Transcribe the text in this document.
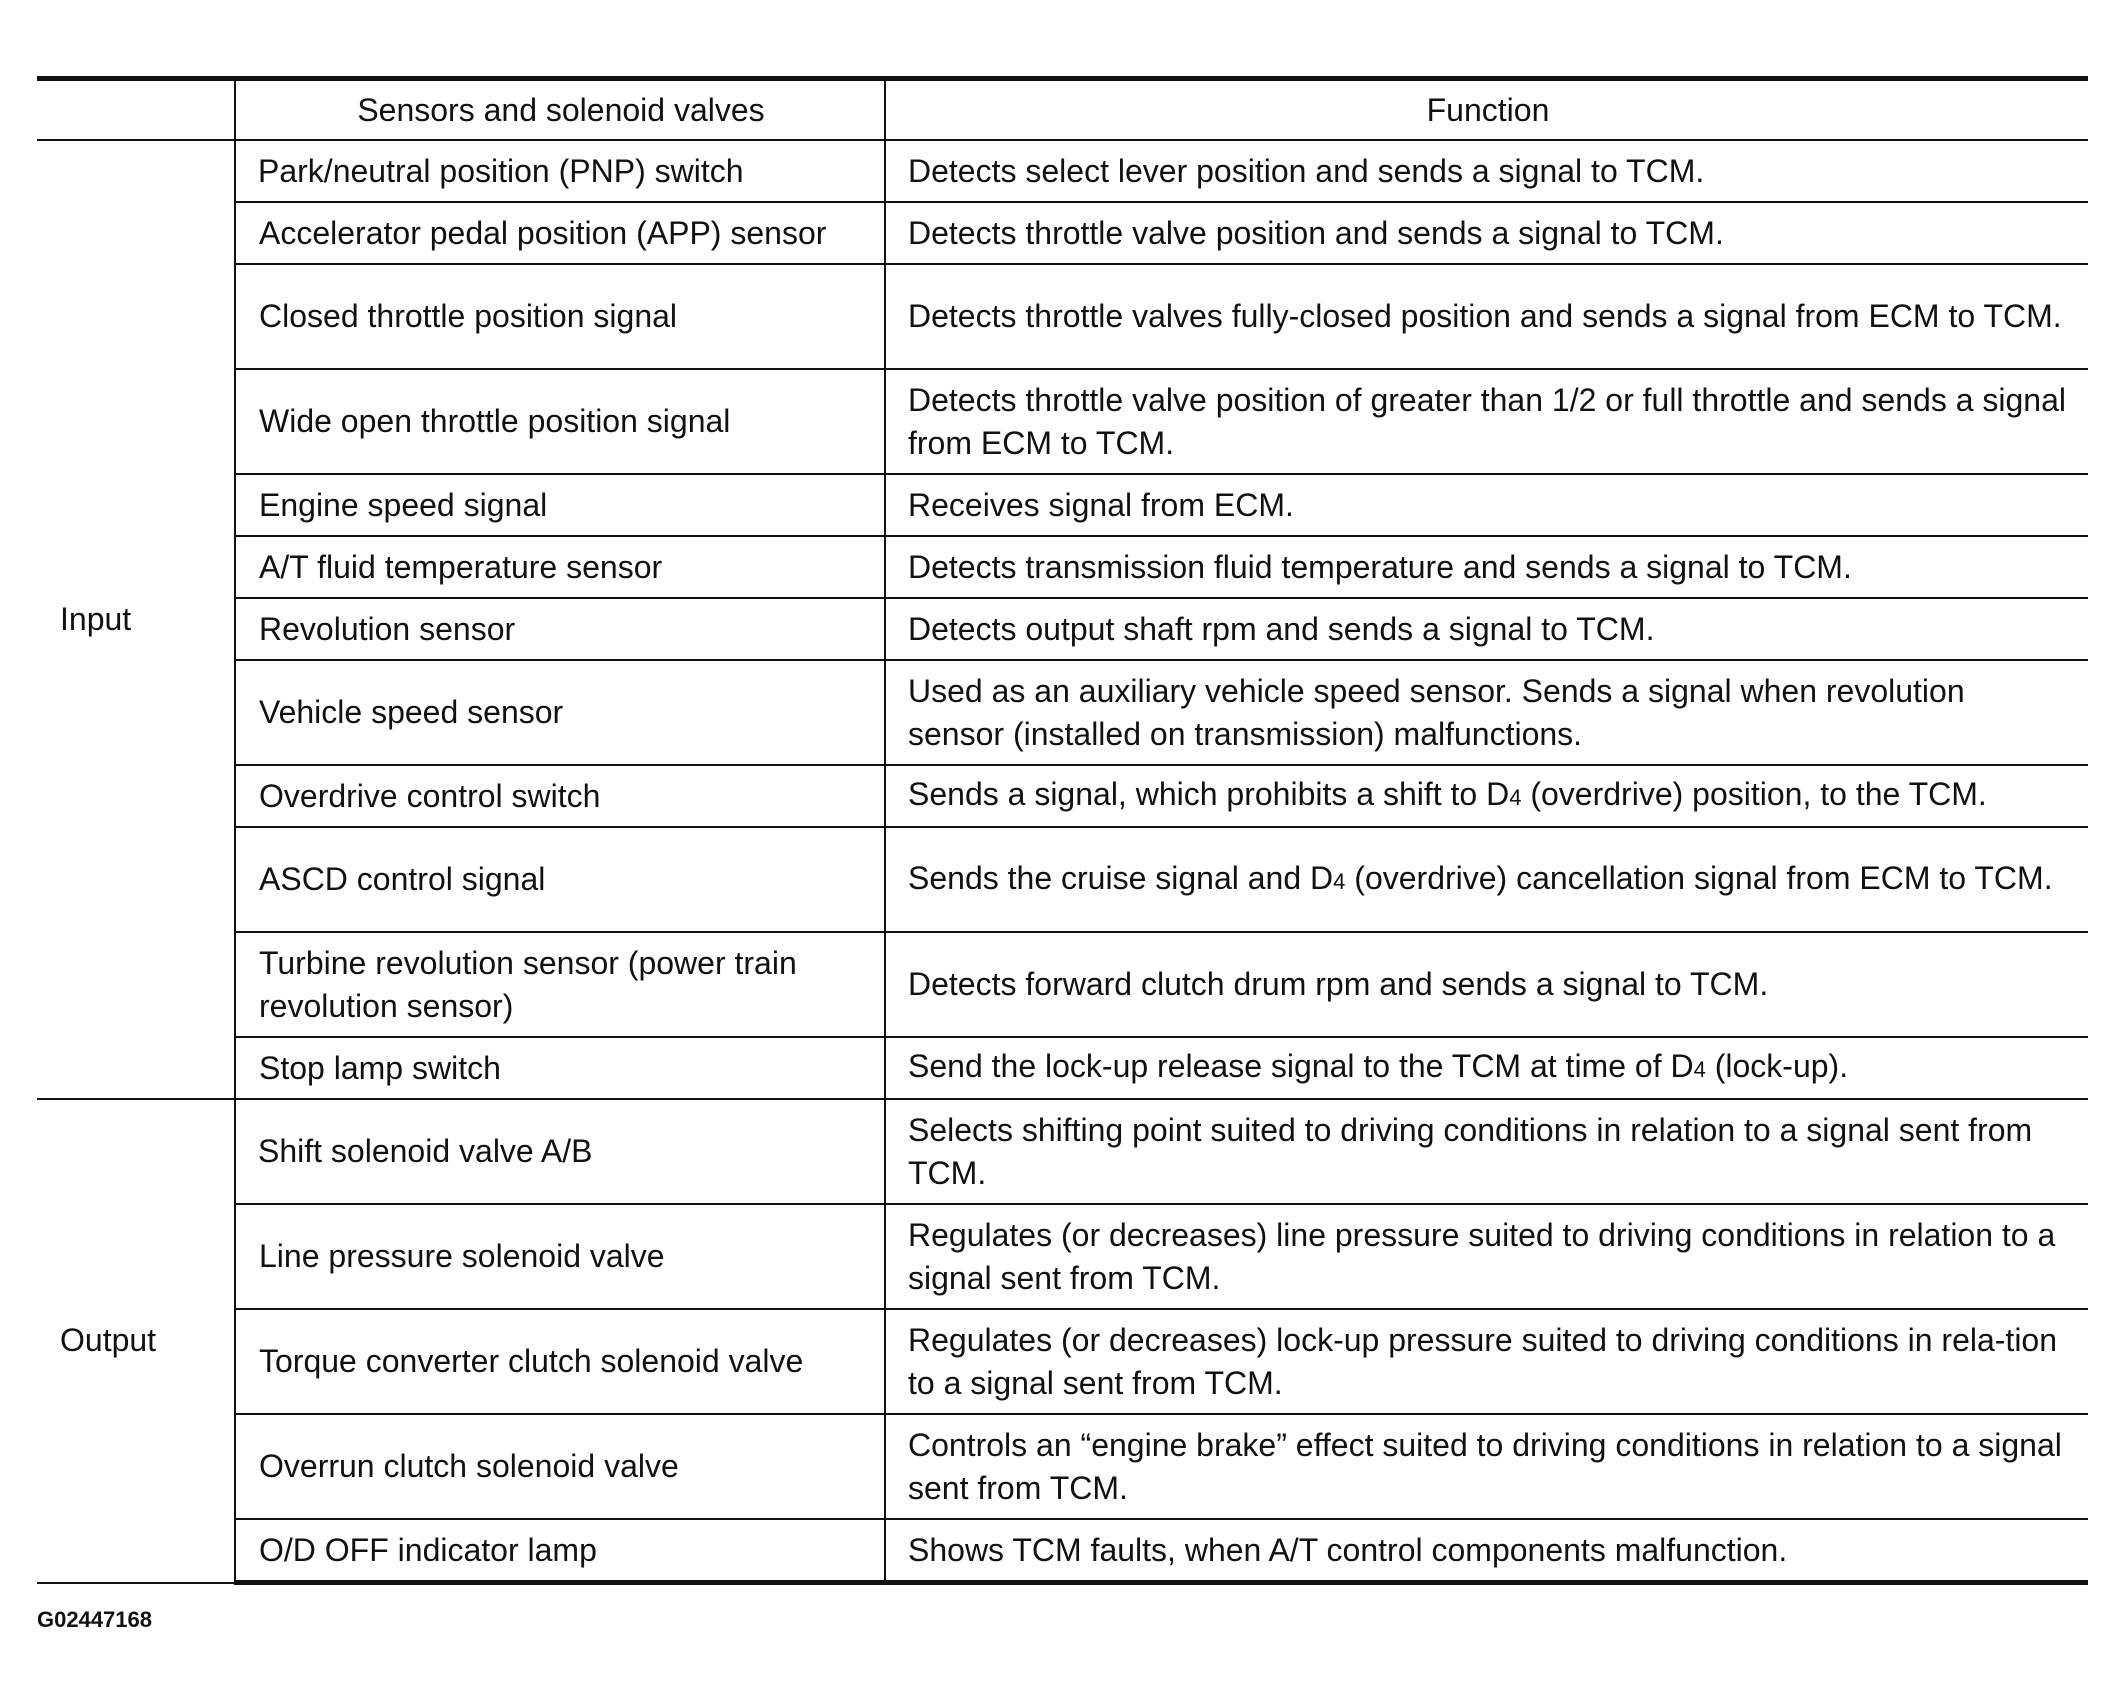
	Sensors and solenoid valves	Function
Input	Park/neutral position (PNP) switch	Detects select lever position and sends a signal to TCM.
	Accelerator pedal position (APP) sensor	Detects throttle valve position and sends a signal to TCM.
	Closed throttle position signal	Detects throttle valves fully-closed position and sends a signal from ECM to TCM.
	Wide open throttle position signal	Detects throttle valve position of greater than 1/2 or full throttle and sends a signal from ECM to TCM.
	Engine speed signal	Receives signal from ECM.
	A/T fluid temperature sensor	Detects transmission fluid temperature and sends a signal to TCM.
	Revolution sensor	Detects output shaft rpm and sends a signal to TCM.
	Vehicle speed sensor	Used as an auxiliary vehicle speed sensor. Sends a signal when revolution sensor (installed on transmission) malfunctions.
	Overdrive control switch	Sends a signal, which prohibits a shift to D4 (overdrive) position, to the TCM.
	ASCD control signal	Sends the cruise signal and D4 (overdrive) cancellation signal from ECM to TCM.
	Turbine revolution sensor (power train revolution sensor)	Detects forward clutch drum rpm and sends a signal to TCM.
	Stop lamp switch	Send the lock-up release signal to the TCM at time of D4 (lock-up).
Output	Shift solenoid valve A/B	Selects shifting point suited to driving conditions in relation to a signal sent from TCM.
	Line pressure solenoid valve	Regulates (or decreases) line pressure suited to driving conditions in relation to a signal sent from TCM.
	Torque converter clutch solenoid valve	Regulates (or decreases) lock-up pressure suited to driving conditions in rela-tion to a signal sent from TCM.
	Overrun clutch solenoid valve	Controls an “engine brake” effect suited to driving conditions in relation to a signal sent from TCM.
	O/D OFF indicator lamp	Shows TCM faults, when A/T control components malfunction.
G02447168
